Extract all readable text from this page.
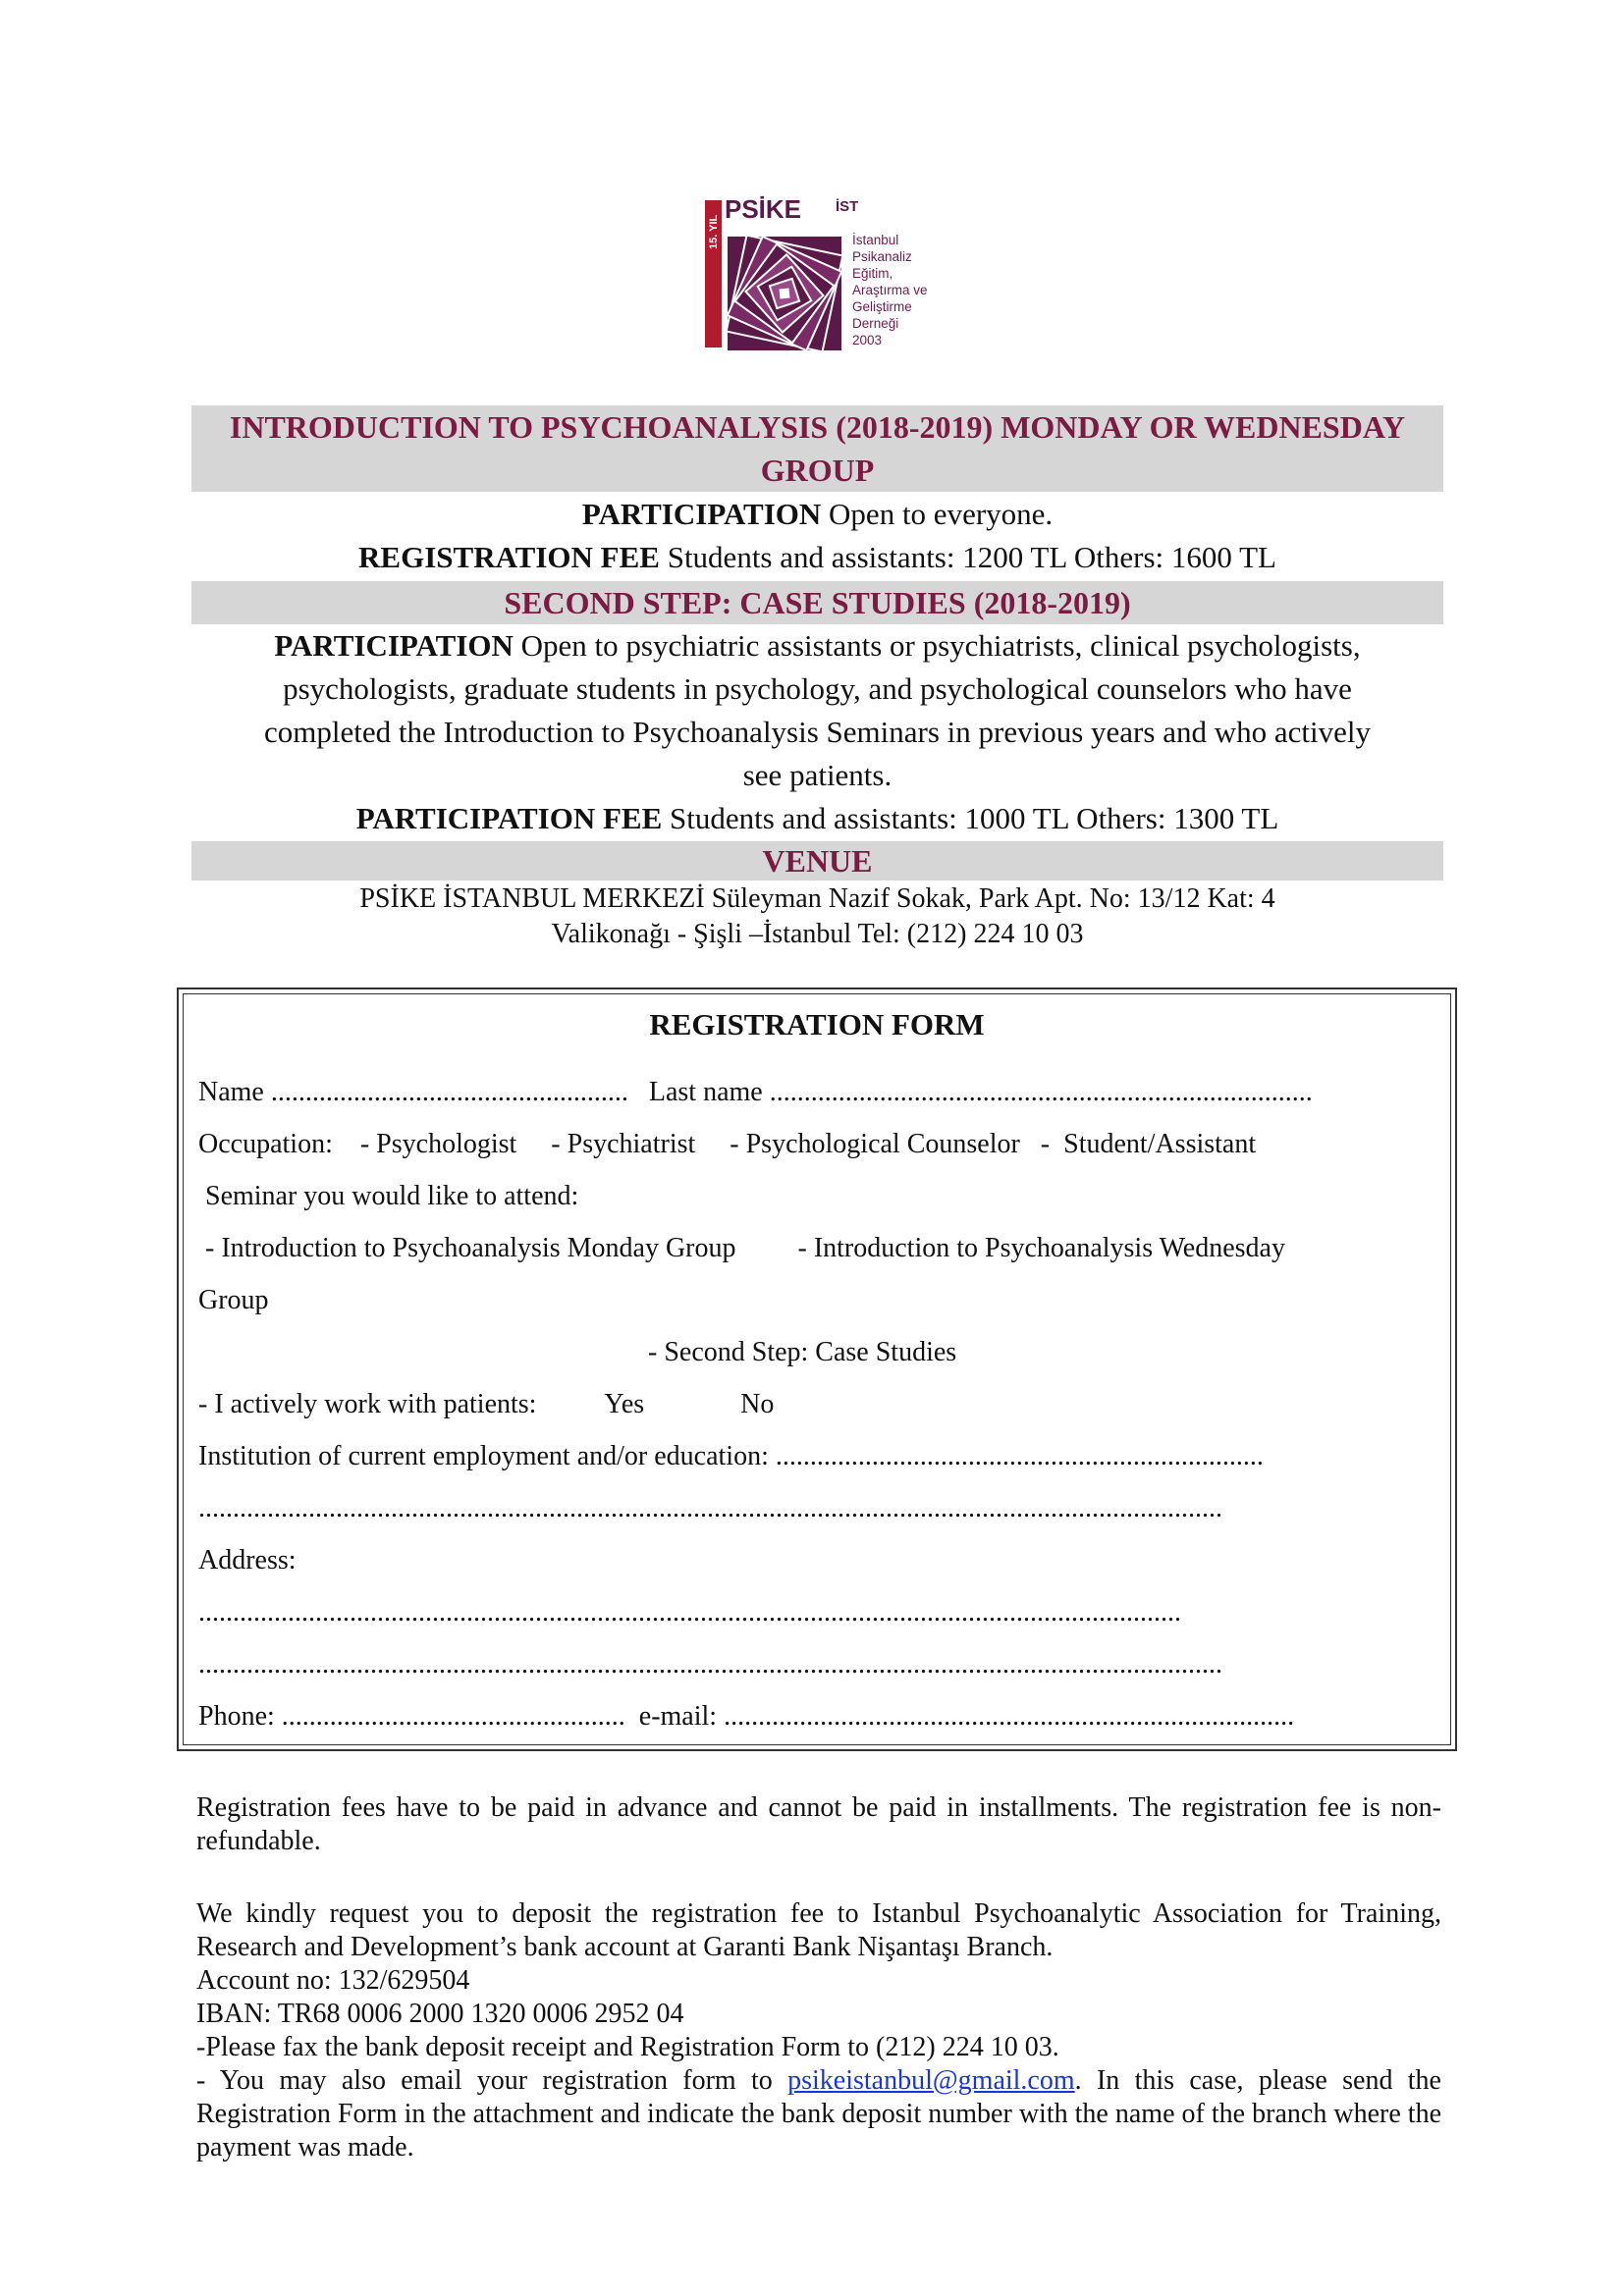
15. YIL
PSİKE İST
İstanbul
Psikanaliz
Eğitim,
Araştırma ve
Geliştirme
Derneği
2003
INTRODUCTION TO PSYCHOANALYSIS (2018-2019) MONDAY OR WEDNESDAY
GROUP
PARTICIPATION Open to everyone.
REGISTRATION FEE Students and assistants: 1200 TL Others: 1600 TL
SECOND STEP: CASE STUDIES (2018-2019)
PARTICIPATION Open to psychiatric assistants or psychiatrists, clinical psychologists,
psychologists, graduate students in psychology, and psychological counselors who have
completed the Introduction to Psychoanalysis Seminars in previous years and who actively
see patients.
PARTICIPATION FEE Students and assistants: 1000 TL Others: 1300 TL
VENUE
PSİKE İSTANBUL MERKEZİ Süleyman Nazif Sokak, Park Apt. No: 13/12 Kat: 4
Valikonağı - Şişli –İstanbul Tel: (212) 224 10 03
REGISTRATION FORM
Name ....................................................   Last name ...............................................................................
Occupation:    - Psychologist     - Psychiatrist     - Psychological Counselor   -  Student/Assistant
Seminar you would like to attend:
- Introduction to Psychoanalysis Monday Group         - Introduction to Psychoanalysis Wednesday
Group
- Second Step: Case Studies
- I actively work with patients:          Yes              No
Institution of current employment and/or education: .......................................................................
.....................................................................................................................................................
Address:
...............................................................................................................................................
.....................................................................................................................................................
Phone: ..................................................  e-mail: ...................................................................................
Registration fees have to be paid in advance and cannot be paid in installments. The registration fee is non-refundable.
We kindly request you to deposit the registration fee to Istanbul Psychoanalytic Association for Training, Research and Development’s bank account at Garanti Bank Nişantaşı Branch.
Account no: 132/629504
IBAN: TR68 0006 2000 1320 0006 2952 04
-Please fax the bank deposit receipt and Registration Form to (212) 224 10 03.
- You may also email your registration form to psikeistanbul@gmail.com. In this case, please send the Registration Form in the attachment and indicate the bank deposit number with the name of the branch where the payment was made.
